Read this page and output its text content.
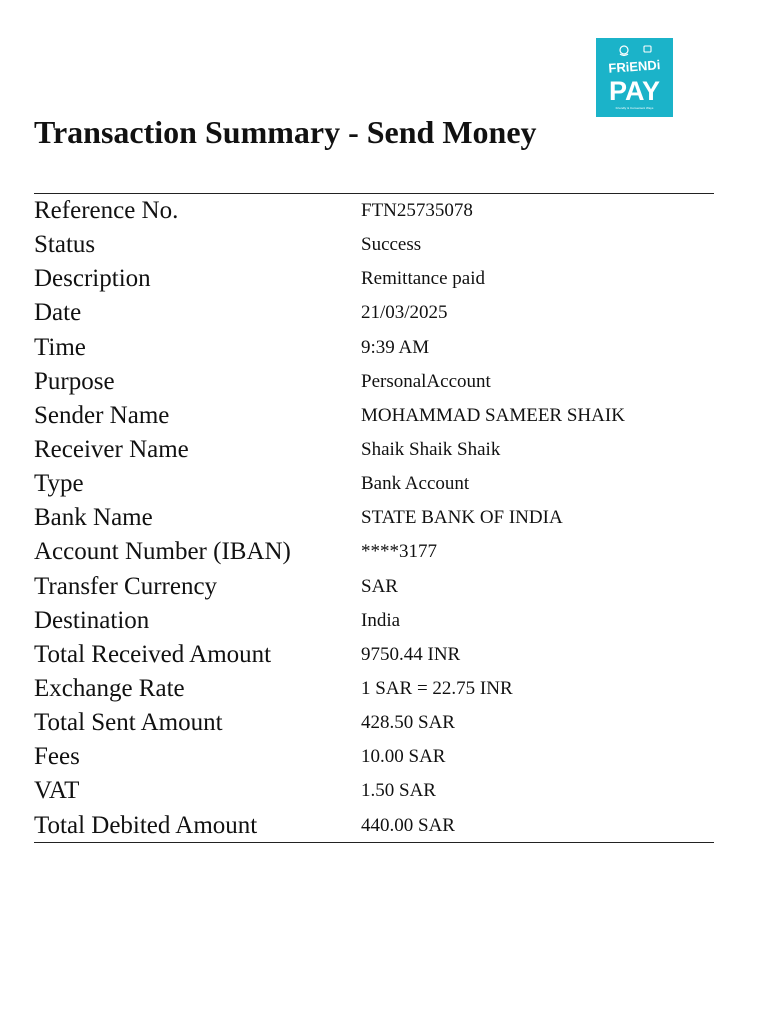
FRiENDi
PAY
Friendly & Convenient Ways
Transaction Summary - Send Money
Reference No.	FTN25735078
Status	Success
Description	Remittance paid
Date	21/03/2025
Time	9:39 AM
Purpose	PersonalAccount
Sender Name	MOHAMMAD SAMEER SHAIK
Receiver Name	Shaik Shaik Shaik
Type	Bank Account
Bank Name	STATE BANK OF INDIA
Account Number (IBAN)	****3177
Transfer Currency	SAR
Destination	India
Total Received Amount	9750.44 INR
Exchange Rate	1 SAR = 22.75 INR
Total Sent Amount	428.50 SAR
Fees	10.00 SAR
VAT	1.50 SAR
Total Debited Amount	440.00 SAR
